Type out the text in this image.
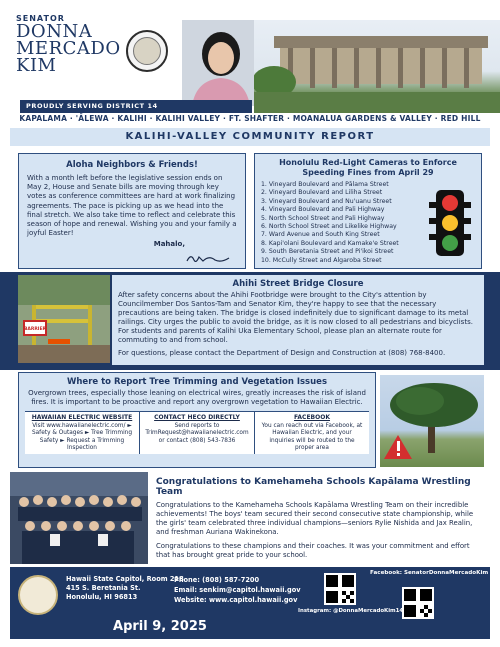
SENATOR
DONNA
MERCADO
KIM
PROUDLY SERVING DISTRICT 14
KAPALAMA · 'ĀLEWA · KALIHI · KALIHI VALLEY · FT. SHAFTER · MOANALUA GARDENS & VALLEY · RED HILL
KALIHI-VALLEY COMMUNITY REPORT
Aloha Neighbors & Friends!

With a month left before the legislative session ends on May 2, House and Senate bills are moving through key votes as conference committees are hard at work finalizing agreements. The pace is picking up as we head into the final stretch. We also take time to reflect and celebrate this season of hope and renewal. Wishing you and your family a joyful Easter!

Mahalo,
Honolulu Red-Light Cameras to Enforce Speeding Fines from April 29
1. Vineyard Boulevard and Pālama Street
2. Vineyard Boulevard and Liliha Street
3. Vineyard Boulevard and Nu'uanu Street
4. Vineyard Boulevard and Pali Highway
5. North School Street and Pali Highway
6. North School Street and Likelike Highway
7. Ward Avenue and South King Street
8. Kapi'olani Boulevard and Kamake'e Street
9. South Beretania Street and Pi'ikoi Street
10. McCully Street and Algaroba Street
BARRIER
Ahihi Street Bridge Closure

After safety concerns about the Ahihi Footbridge were brought to the City's attention by Councilmember Dos Santos-Tam and Senator Kim, they're happy to see that the necessary precautions are being taken. The bridge is closed indefinitely due to significant damage to its metal railings. City urges the public to avoid the bridge, as it is now closed to all pedestrians and bicyclists. For students and parents of Kalihi Uka Elementary School, please plan an alternate route for commuting to and from school.

For questions, please contact the Department of Design and Construction at (808) 768-8400.

Where to Report Tree Trimming and Vegetation Issues

Overgrown trees, especially those leaning on electrical wires, greatly increases the risk of island fires. It is important to be proactive and report any overgrown vegetation to Hawaiian Electric.

HAWAIIAN ELECTRIC WEBSITE
Visit www.hawaiianelectric.com/ ► Safety & Outages ► Tree Trimming Safety ► Request a Trimming Inspection
CONTACT HECO DIRECTLY
Send reports to TrimRequest@hawaiianelectric.com or contact (808) 543-7836
FACEBOOK
You can reach out via Facebook, at Hawaiian Electric, and your inquiries will be routed to the proper area
Congratulations to Kamehameha Schools Kapālama Wrestling Team

Congratulations to the Kamehameha Schools Kapālama Wrestling Team on their incredible achievements! The boys' team secured their second consecutive state championship, while the girls' team celebrated three individual champions—seniors Rylie Nishida and Jax Realin, and freshman Auriana Wakinekona.

Congratulations to these champions and their coaches. It was your commitment and effort that has brought great pride to your school.

Hawaii State Capitol, Room 218
415 S. Beretania St.
Honolulu, HI 96813
Phone: (808) 587-7200
Email: senkim@capitol.hawaii.gov
Website: www.capitol.hawaii.gov
Facebook: SenatorDonnaMercadoKim
Instagram: @DonnaMercadoKim14
April 9, 2025
